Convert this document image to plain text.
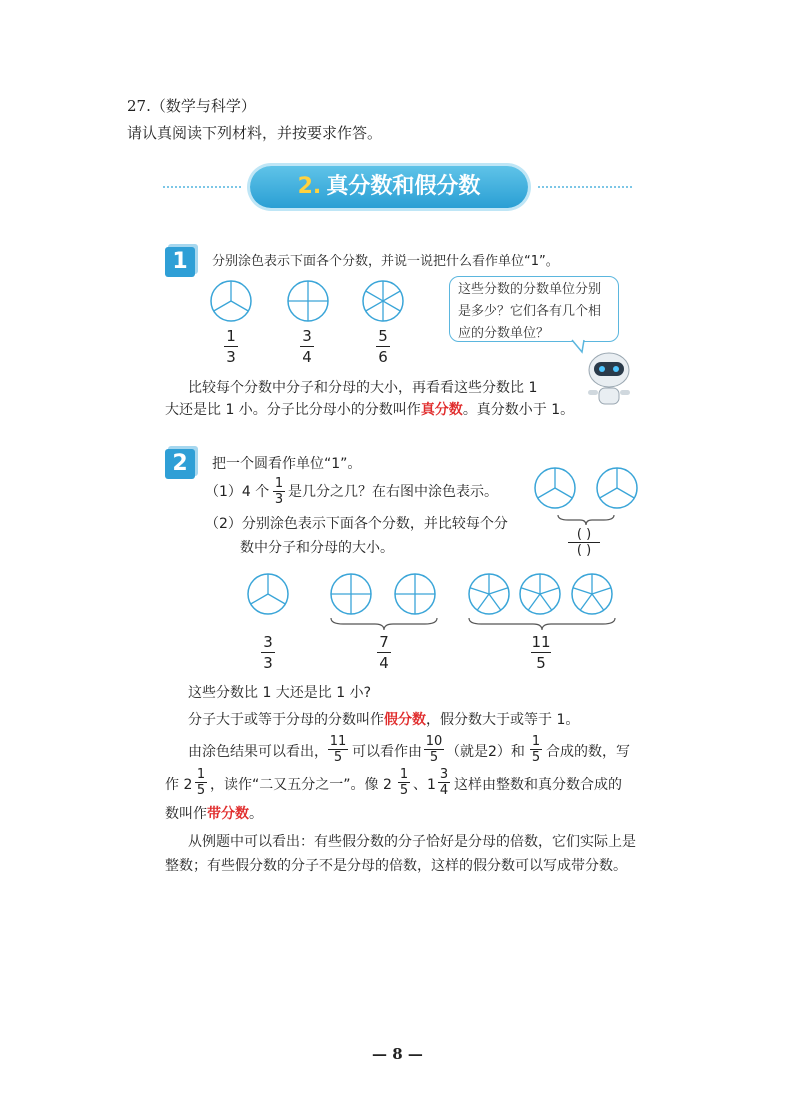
27.（数学与科学）
请认真阅读下列材料，并按要求作答。
2. 真分数和假分数
1	分别涂色表示下面各个分数，并说一说把什么看作单位“1”。
1
3
3
4
5
6
这些分数的分数单位分别是多少？它们各有几个相应的分数单位？
比较每个分数中分子和分母的大小，再看看这些分数比 1
大还是比 1 小。分子比分母小的分数叫作真分数。真分数小于 1。
2	把一个圆看作单位“1”。
（1）4 个
1
3 是几分之几？在右图中涂色表示。
（2）分别涂色表示下面各个分数，并比较每个分
数中分子和分母的大小。
( )
( )
3
3
7
4
11
5
这些分数比 1 大还是比 1 小?
分子大于或等于分母的分数叫作假分数，假分数大于或等于 1。
由涂色结果可以看出，
11
5 可以看作由
10
5 （就是2）和
1
5 合成的数，写
作 2
1
5 ，读作“二又五分之一”。像 2
1
5 、1
3
4 这样由整数和真分数合成的
数叫作带分数。
从例题中可以看出：有些假分数的分子恰好是分母的倍数，它们实际上是
整数；有些假分数的分子不是分母的倍数，这样的假分数可以写成带分数。
— 8 —
